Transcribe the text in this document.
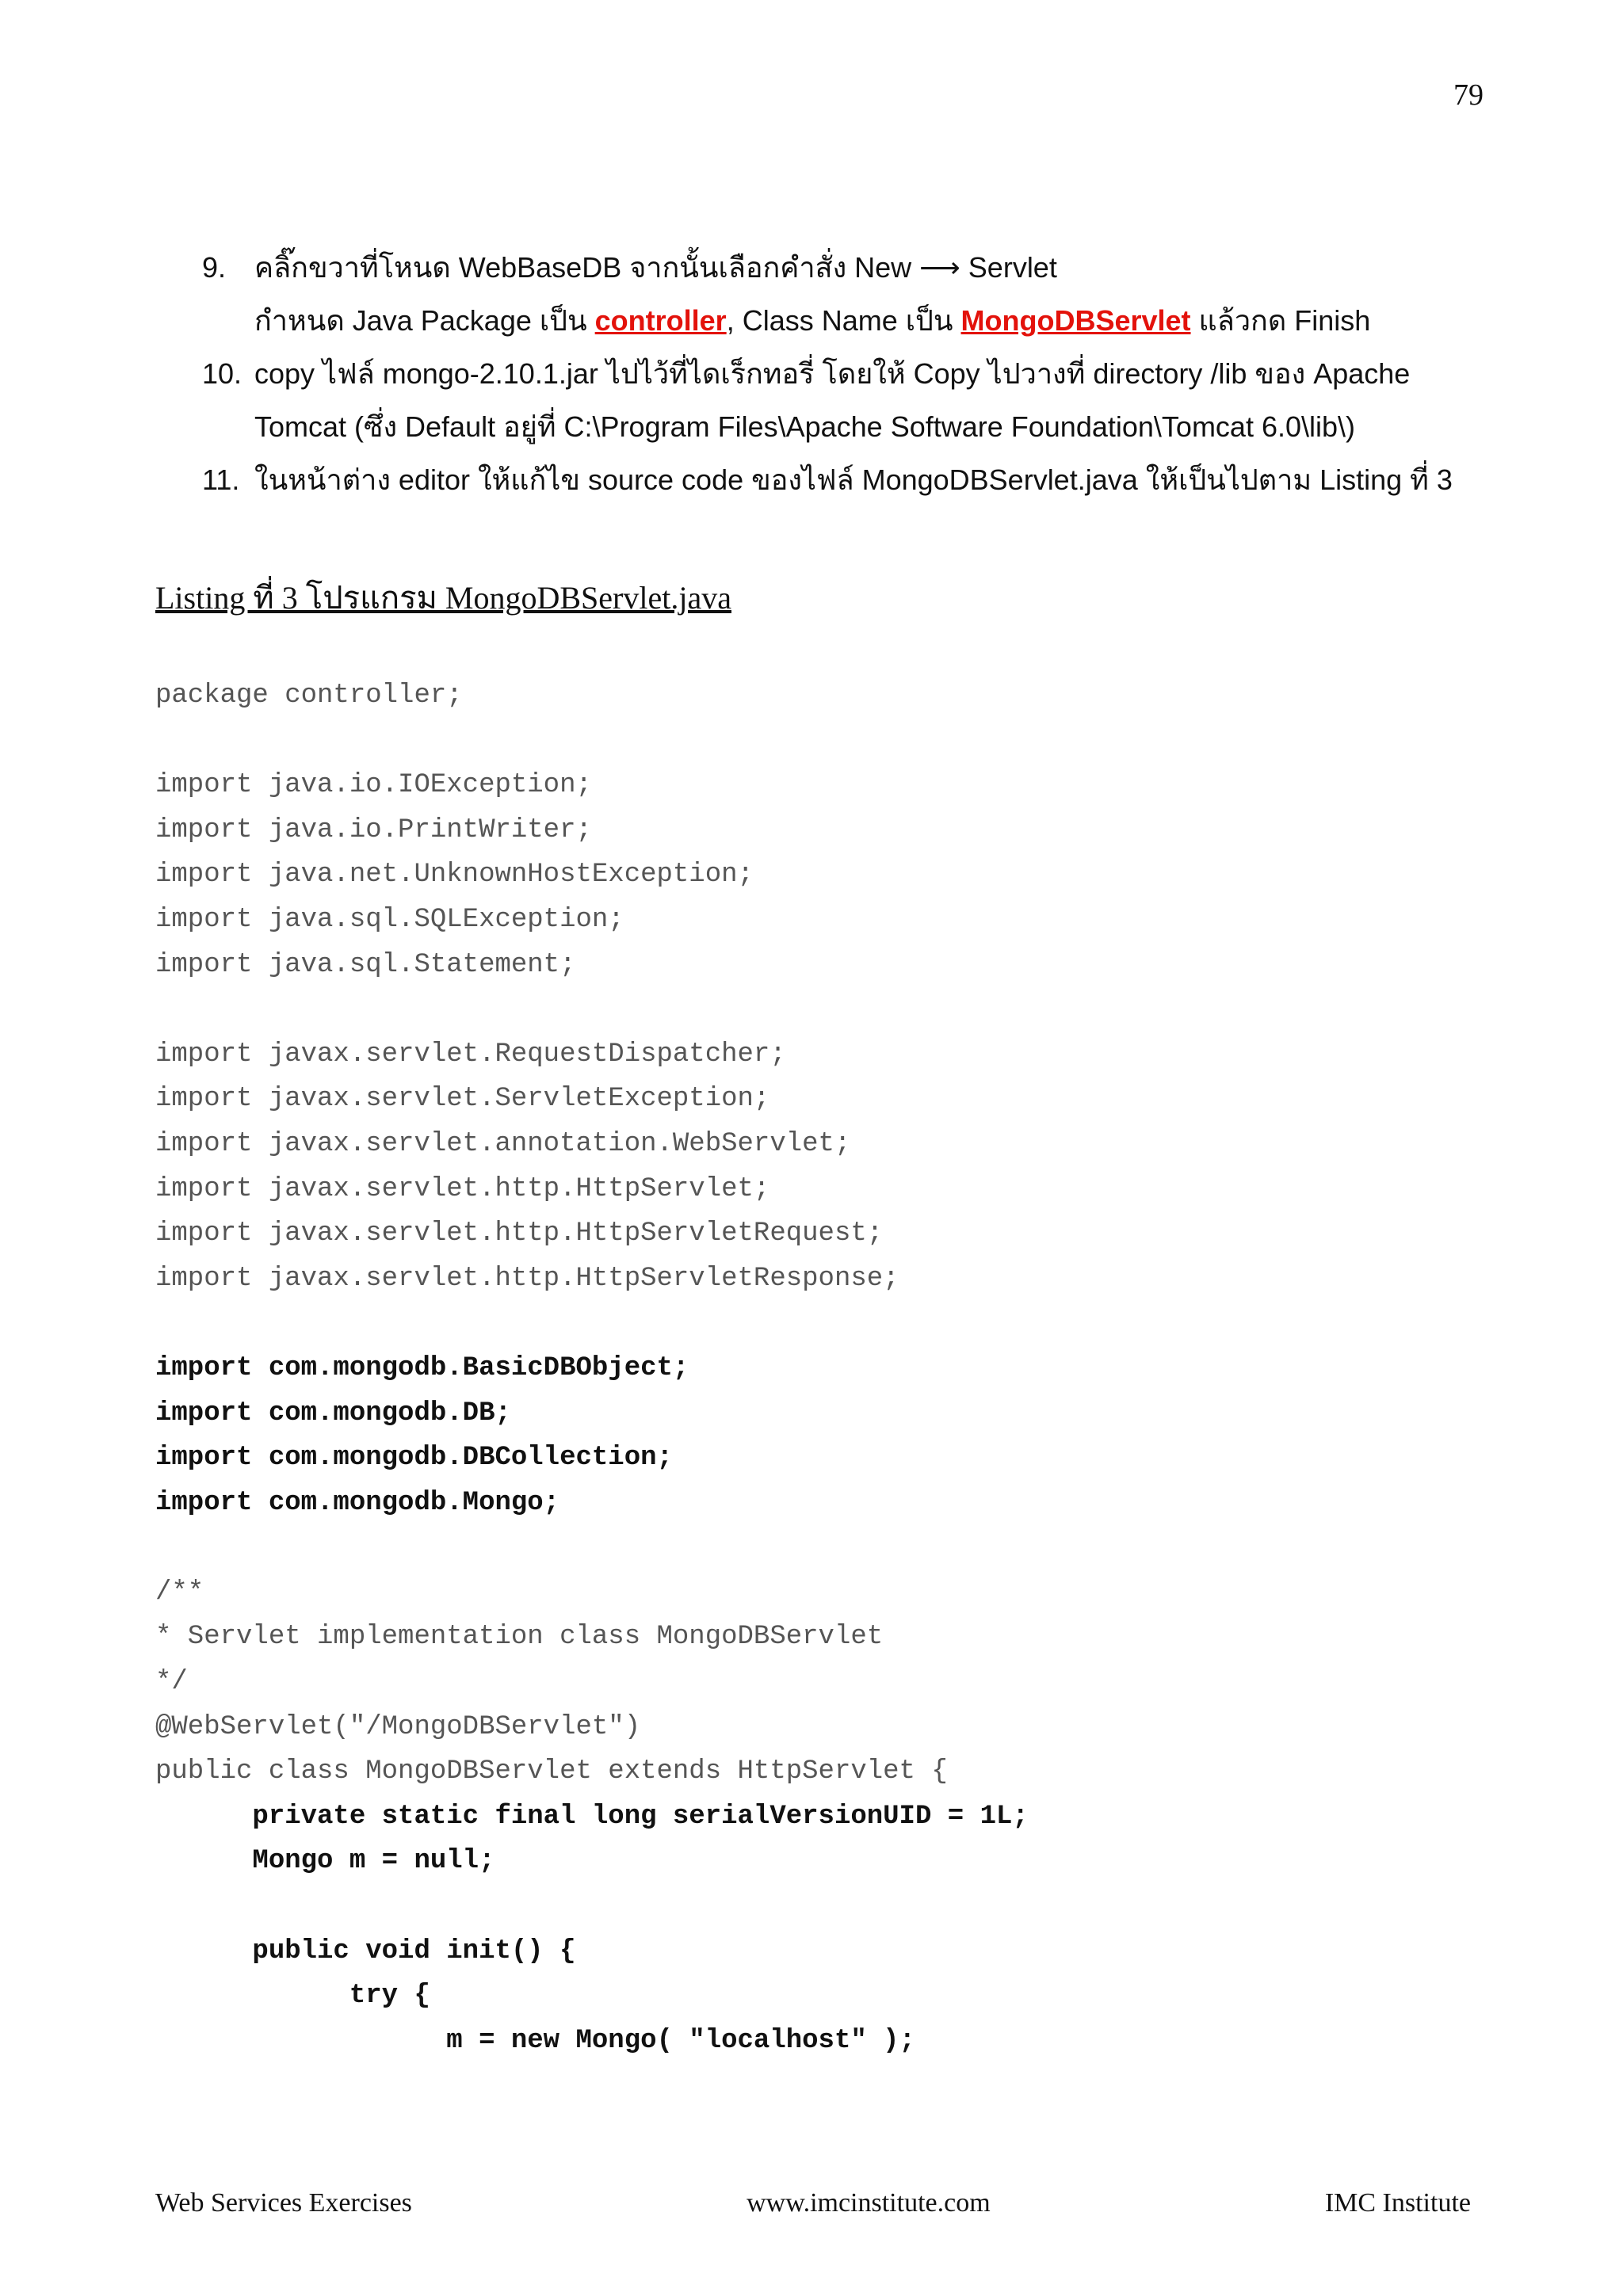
79
9. คลิ๊กขวาที่โหนด WebBaseDB จากนั้นเลือกคำสั่ง New ⟶ Servlet
กำหนด Java Package เป็น controller, Class Name เป็น MongoDBServlet แล้วกด Finish
10. copy ไฟล์ mongo-2.10.1.jar ไปไว้ที่ไดเร็กทอรี่ โดยให้ Copy ไปวางที่ directory /lib ของ Apache
Tomcat (ซึ่ง Default อยู่ที่ C:\Program Files\Apache Software Foundation\Tomcat 6.0\lib\)
11. ในหน้าต่าง editor ให้แก้ไข source code ของไฟล์ MongoDBServlet.java ให้เป็นไปตาม Listing ที่ 3
Listing ที่ 3 โปรแกรม MongoDBServlet.java
package controller;
import java.io.IOException;
import java.io.PrintWriter;
import java.net.UnknownHostException;
import java.sql.SQLException;
import java.sql.Statement;
import javax.servlet.RequestDispatcher;
import javax.servlet.ServletException;
import javax.servlet.annotation.WebServlet;
import javax.servlet.http.HttpServlet;
import javax.servlet.http.HttpServletRequest;
import javax.servlet.http.HttpServletResponse;
import com.mongodb.BasicDBObject;
import com.mongodb.DB;
import com.mongodb.DBCollection;
import com.mongodb.Mongo;
/**
* Servlet implementation class MongoDBServlet
*/
@WebServlet("/MongoDBServlet")
public class MongoDBServlet extends HttpServlet {
private static final long serialVersionUID = 1L;
Mongo m = null;
public void init() {
try {
m = new Mongo( "localhost" );
Web Services Exercises	www.imcinstitute.com	IMC Institute
